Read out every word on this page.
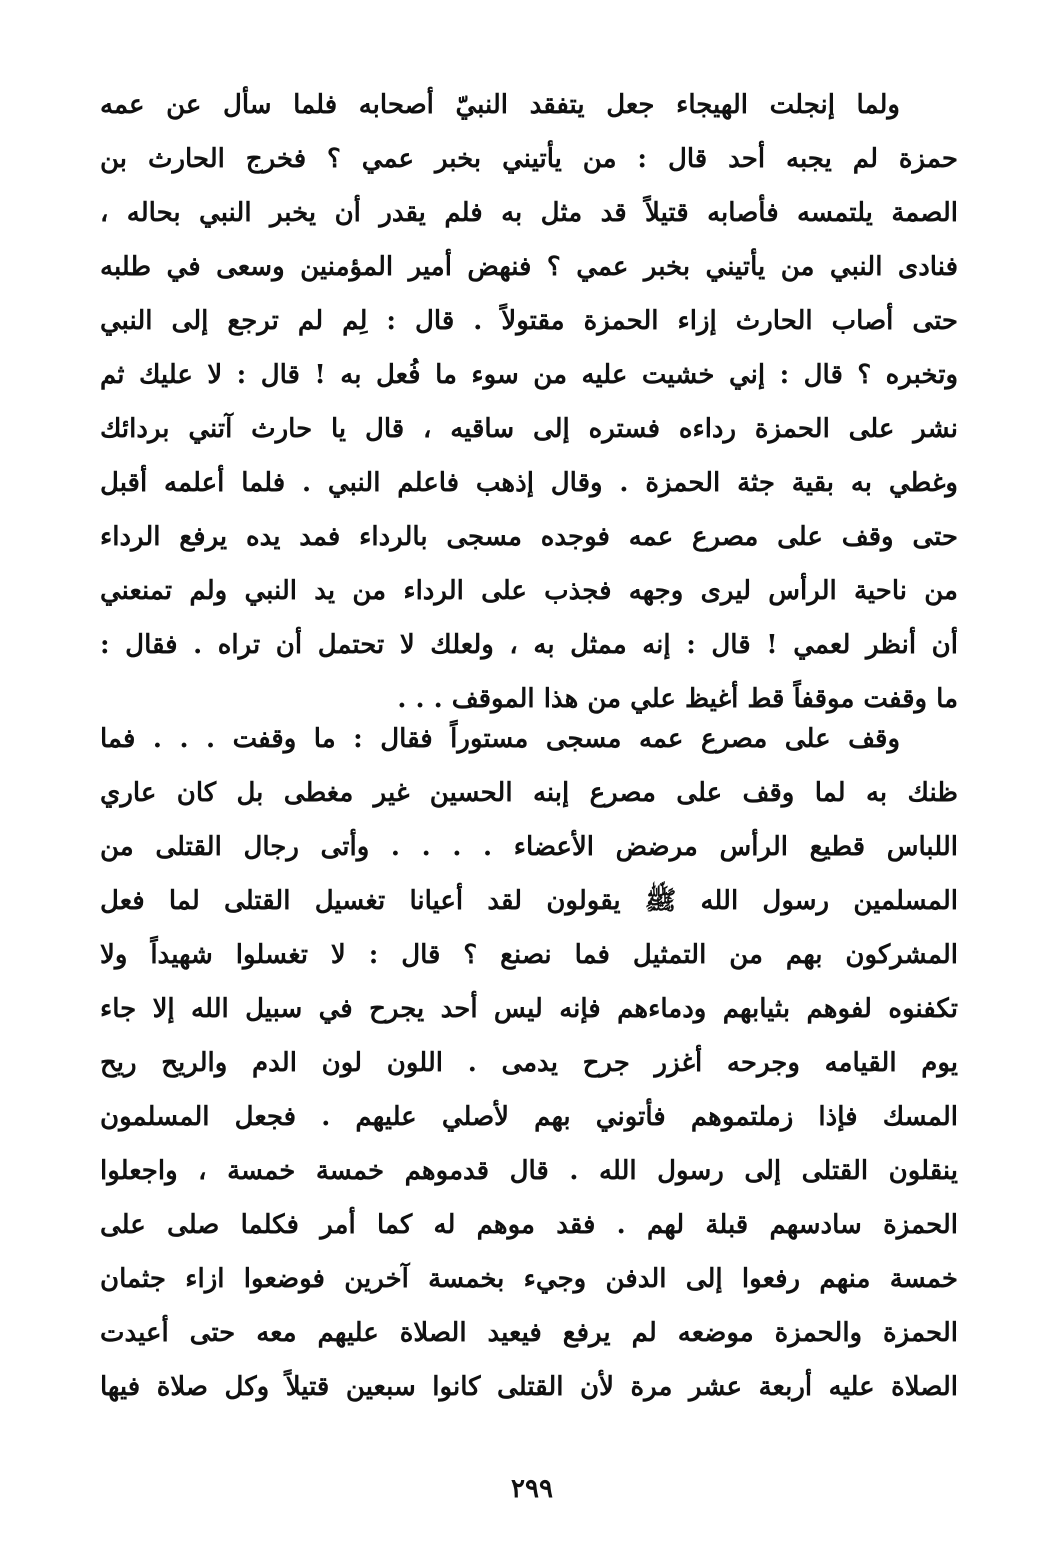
ولما إنجلت الهيجاء جعل يتفقد النبيّ أصحابه فلما سأل عن عمه
حمزة لم يجبه أحد قال : من يأتيني بخبر عمي ؟ فخرج الحارث بن
الصمة يلتمسه فأصابه قتيلاً قد مثل به فلم يقدر أن يخبر النبي بحاله ،
فنادى النبي من يأتيني بخبر عمي ؟ فنهض أمير المؤمنين وسعى في طلبه
حتى أصاب الحارث إزاء الحمزة مقتولاً . قال : لِم لم ترجع إلى النبي
وتخبره ؟ قال : إني خشيت عليه من سوء ما فُعل به ! قال : لا عليك ثم
نشر على الحمزة رداءه فستره إلى ساقيه ، قال يا حارث آتني بردائك
وغطي به بقية جثة الحمزة . وقال إذهب فاعلم النبي . فلما أعلمه أقبل
حتى وقف على مصرع عمه فوجده مسجى بالرداء فمد يده يرفع الرداء
من ناحية الرأس ليرى وجهه فجذب على الرداء من يد النبي ولم تمنعني
أن أنظر لعمي ! قال : إنه ممثل به ، ولعلك لا تحتمل أن تراه . فقال :
ما وقفت موقفاً قط أغيظ علي من هذا الموقف . . .
وقف على مصرع عمه مسجى مستوراً فقال : ما وقفت . . . فما
ظنك به لما وقف على مصرع إبنه الحسين غير مغطى بل كان عاري
اللباس قطيع الرأس مرضض الأعضاء . . . . وأتى رجال القتلى من
المسلمين رسول الله ﷺ يقولون لقد أعيانا تغسيل القتلى لما فعل
المشركون بهم من التمثيل فما نصنع ؟ قال : لا تغسلوا شهيداً ولا
تكفنوه لفوهم بثيابهم ودماءهم فإنه ليس أحد يجرح في سبيل الله إلا جاء
يوم القيامه وجرحه أغزر جرح يدمى . اللون لون الدم والريح ريح
المسك فإذا زملتموهم فأتوني بهم لأصلي عليهم . فجعل المسلمون
ينقلون القتلى إلى رسول الله . قال قدموهم خمسة خمسة ، واجعلوا
الحمزة سادسهم قبلة لهم . فقد موهم له كما أمر فكلما صلى على
خمسة منهم رفعوا إلى الدفن وجيء بخمسة آخرين فوضعوا ازاء جثمان
الحمزة والحمزة موضعه لم يرفع فيعيد الصلاة عليهم معه حتى أعيدت
الصلاة عليه أربعة عشر مرة لأن القتلى كانوا سبعين قتيلاً وكل صلاة فيها
٢٩٩
